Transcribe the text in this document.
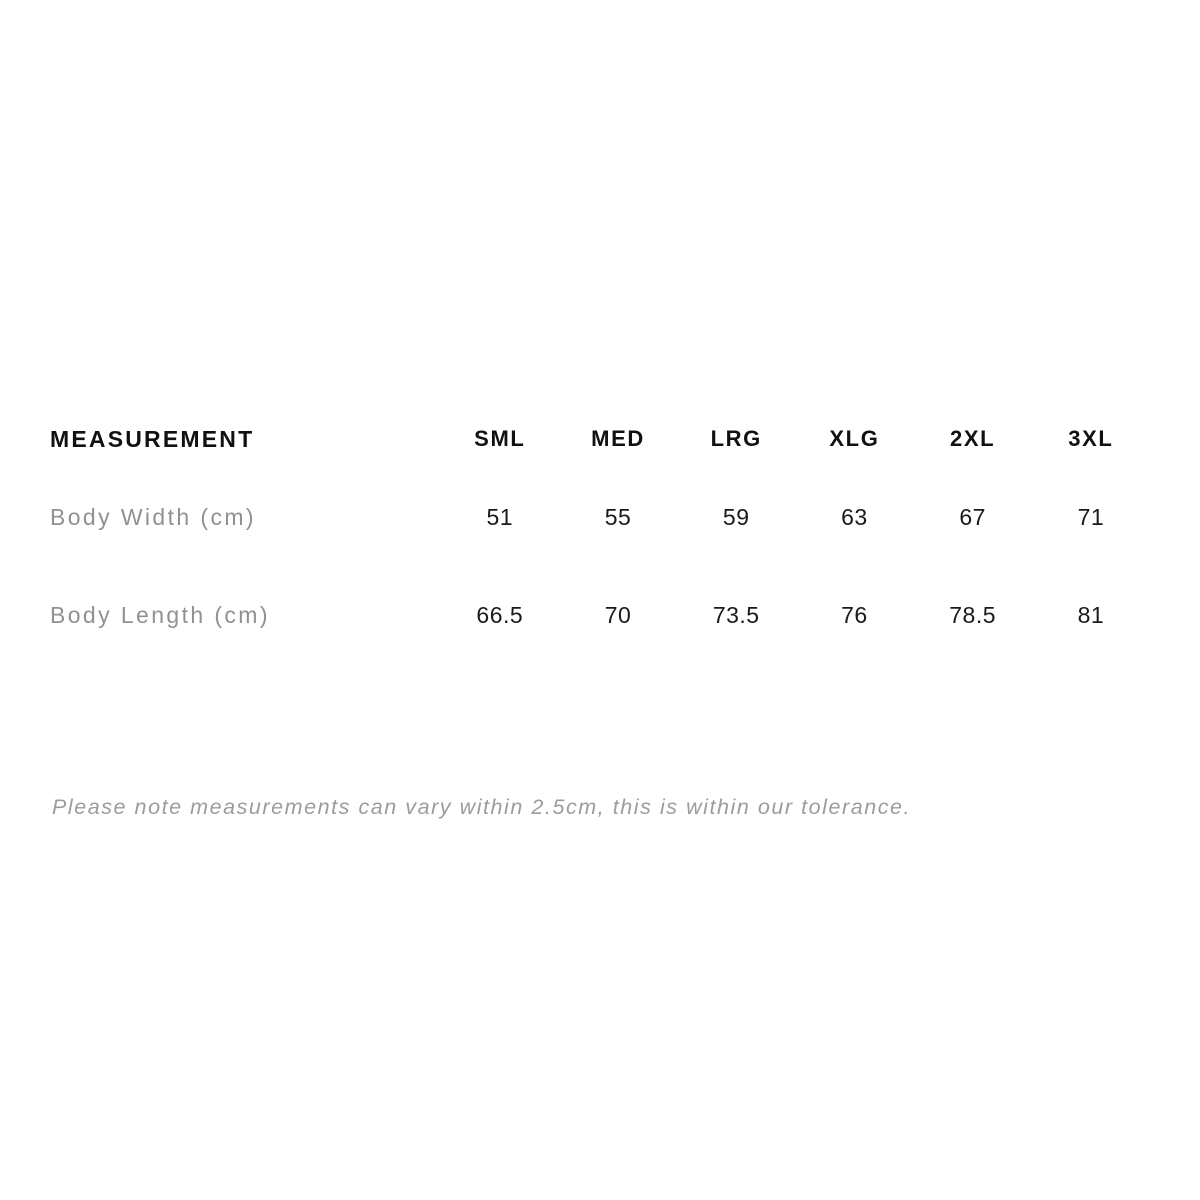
MEASUREMENT	SML	MED	LRG	XLG	2XL	3XL
Body Width (cm)	51	55	59	63	67	71
Body Length (cm)	66.5	70	73.5	76	78.5	81
Please note measurements can vary within 2.5cm, this is within our tolerance.
